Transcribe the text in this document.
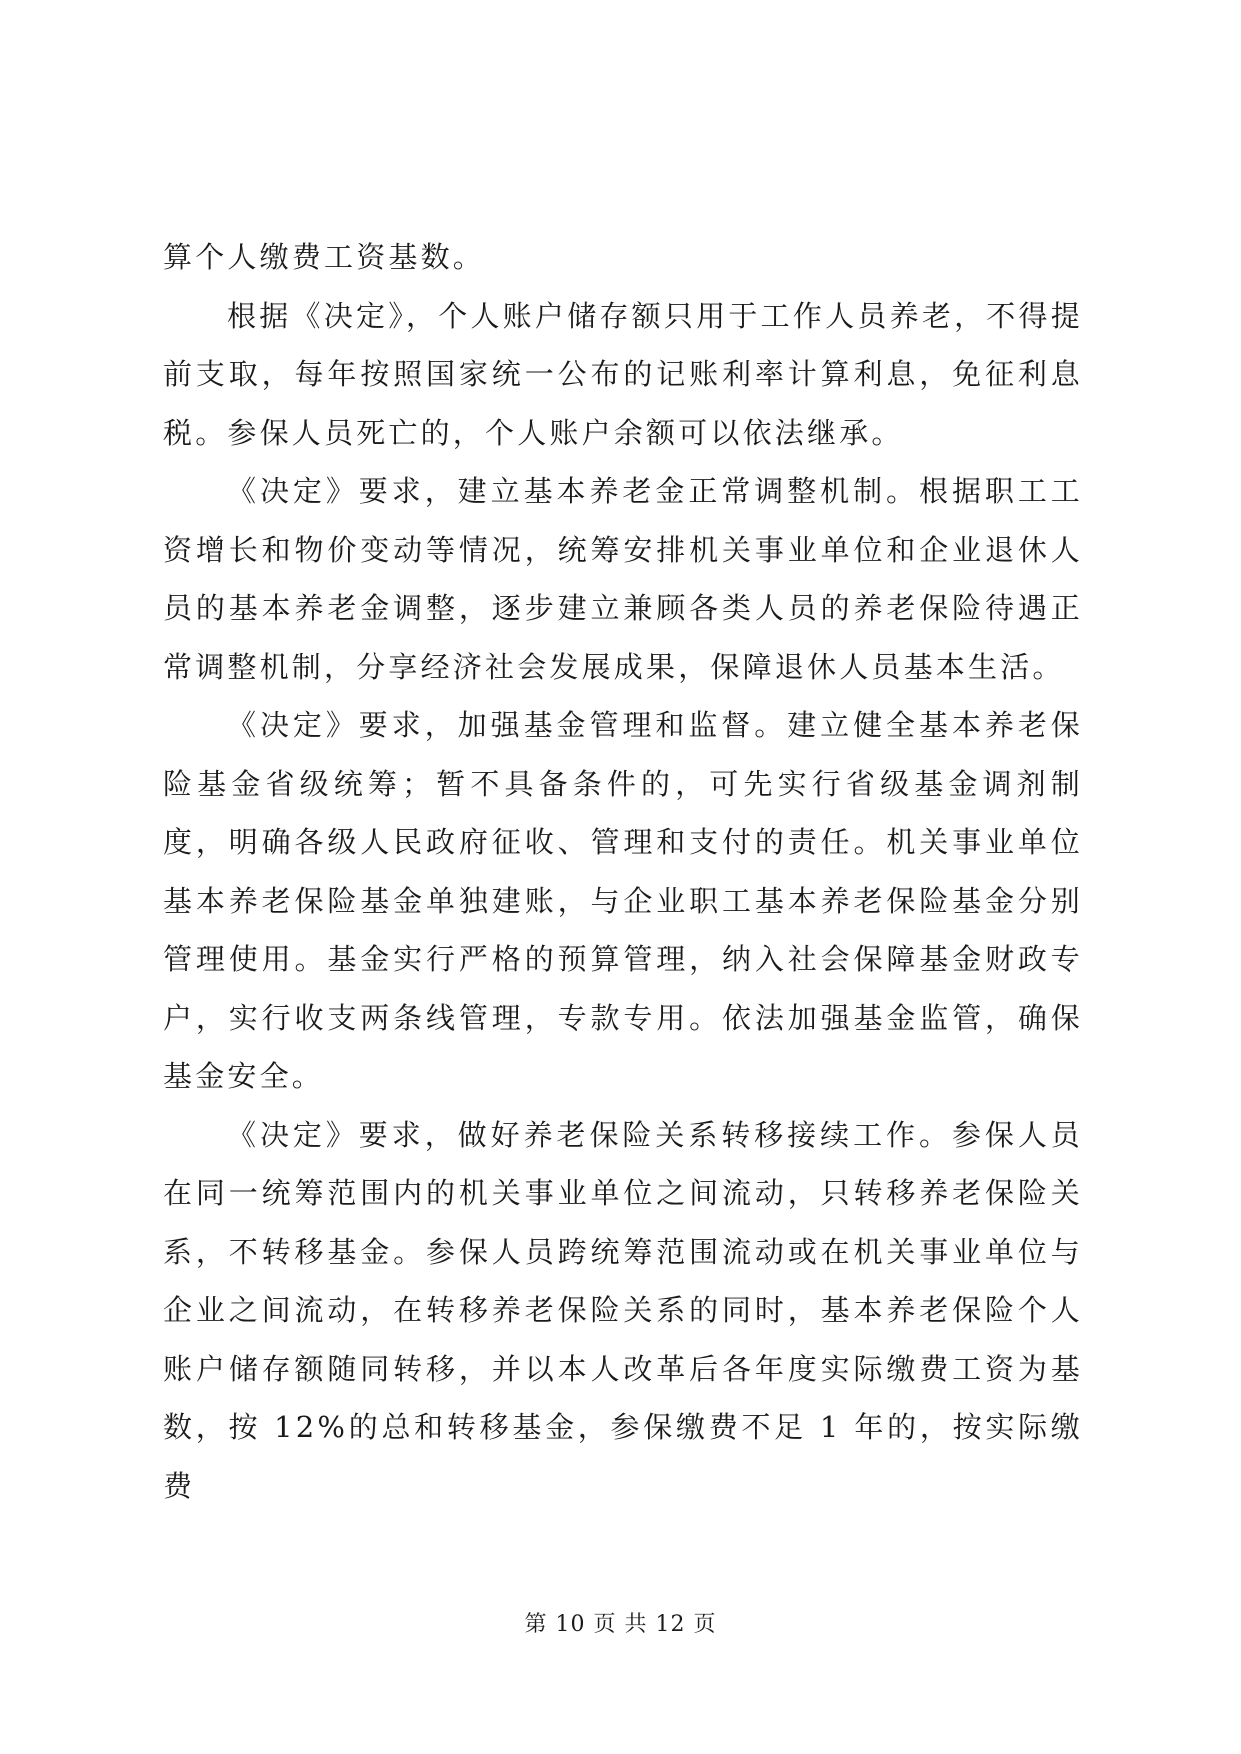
算个人缴费工资基数。

根据《决定》，个人账户储存额只用于工作人员养老，不得提前支取，每年按照国家统一公布的记账利率计算利息，免征利息税。参保人员死亡的，个人账户余额可以依法继承。

《决定》要求，建立基本养老金正常调整机制。根据职工工资增长和物价变动等情况，统筹安排机关事业单位和企业退休人员的基本养老金调整，逐步建立兼顾各类人员的养老保险待遇正常调整机制，分享经济社会发展成果，保障退休人员基本生活。

《决定》要求，加强基金管理和监督。建立健全基本养老保险基金省级统筹；暂不具备条件的，可先实行省级基金调剂制度，明确各级人民政府征收、管理和支付的责任。机关事业单位基本养老保险基金单独建账，与企业职工基本养老保险基金分别管理使用。基金实行严格的预算管理，纳入社会保障基金财政专户，实行收支两条线管理，专款专用。依法加强基金监管，确保基金安全。

《决定》要求，做好养老保险关系转移接续工作。参保人员在同一统筹范围内的机关事业单位之间流动，只转移养老保险关系，不转移基金。参保人员跨统筹范围流动或在机关事业单位与企业之间流动，在转移养老保险关系的同时，基本养老保险个人账户储存额随同转移，并以本人改革后各年度实际缴费工资为基数，按 12%的总和转移基金，参保缴费不足 1 年的，按实际缴费

第 10 页 共 12 页
